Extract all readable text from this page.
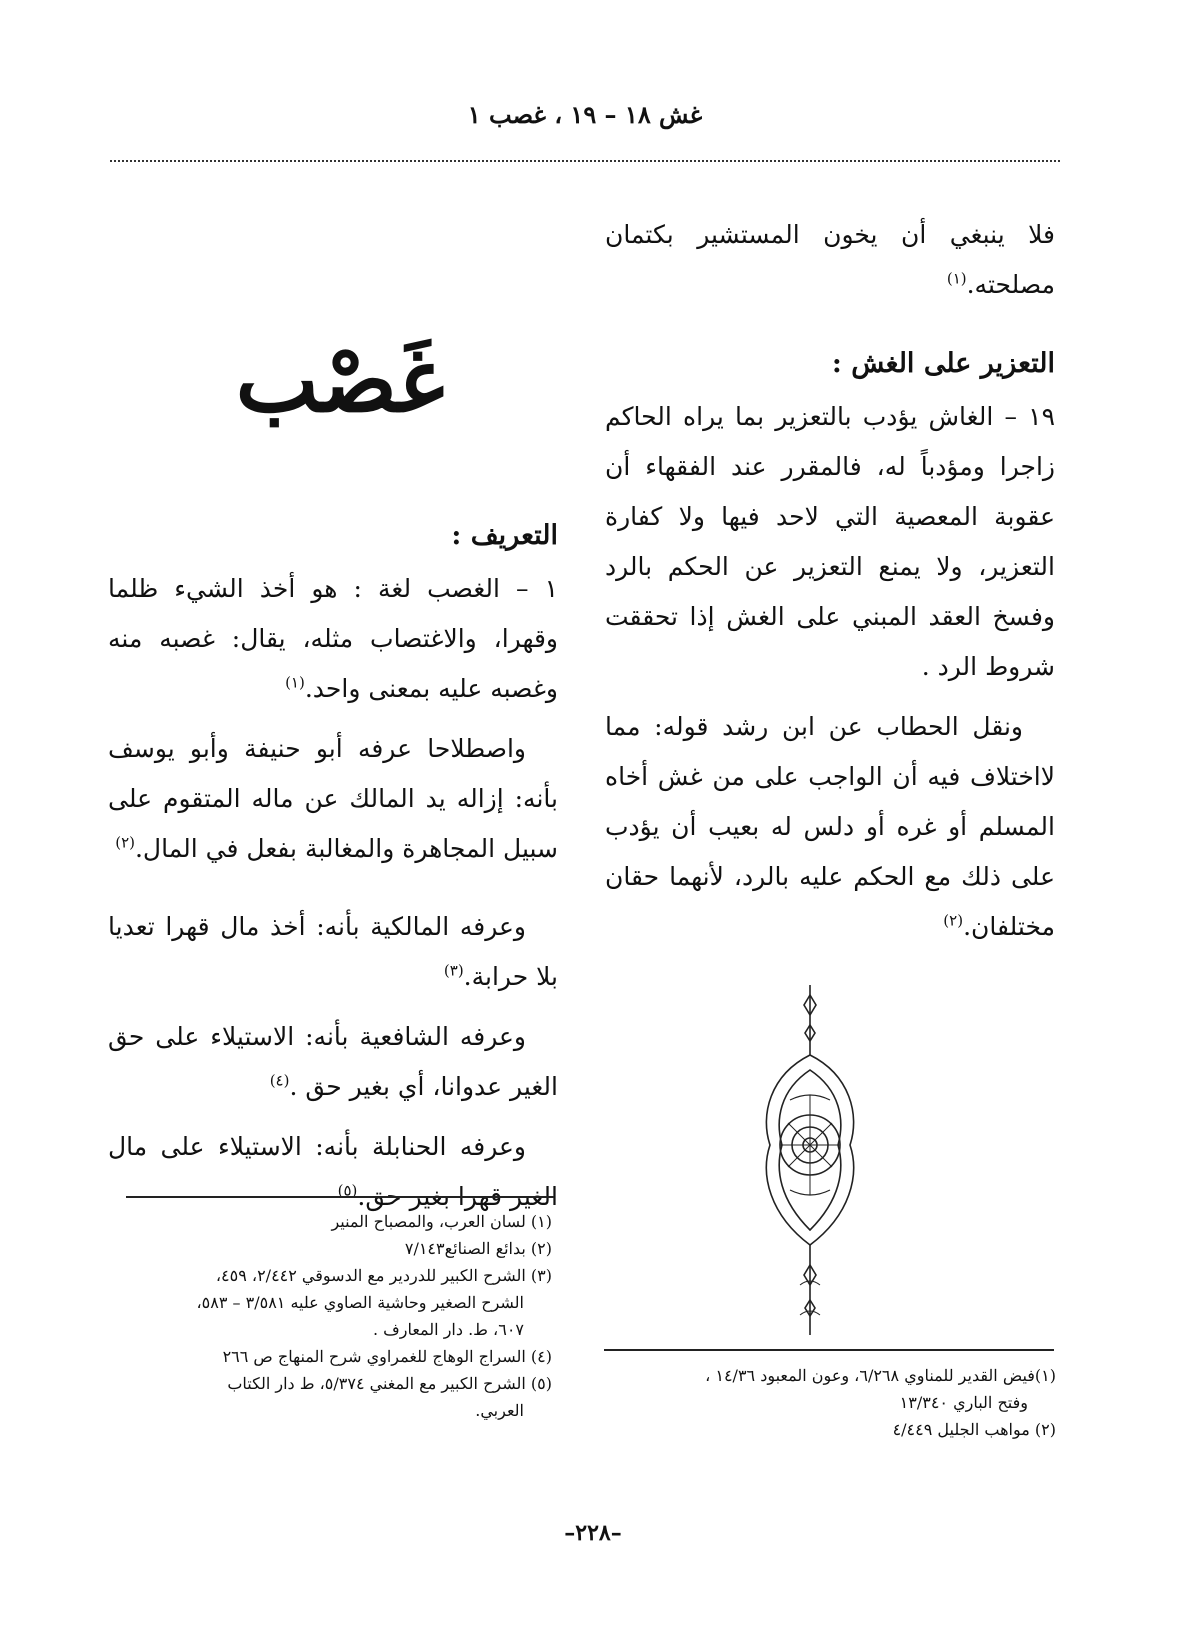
غش ١٨ – ١٩ ، غصب ١

فلا ينبغي أن يخون المستشير بكتمان مصلحته.$^{(١)}$

التعزير على الغش :

١٩ – الغاش يؤدب بالتعزير بما يراه الحاكم زاجرا ومؤدباً له، فالمقرر عند الفقهاء أن عقوبة المعصية التي لاحد فيها ولا كفارة التعزير، ولا يمنع التعزير عن الحكم بالرد وفسخ العقد المبني على الغش إذا تحققت شروط الرد .

ونقل الحطاب عن ابن رشد قوله: مما لااختلاف فيه أن الواجب على من غش أخاه المسلم أو غره أو دلس له بعيب أن يؤدب على ذلك مع الحكم عليه بالرد، لأنهما حقان مختلفان.$^{(٢)}$

غَصْب
التعريف :

١ – الغصب لغة : هو أخذ الشيء ظلما وقهرا، والاغتصاب مثله، يقال: غصبه منه وغصبه عليه بمعنى واحد.$^{(١)}$

واصطلاحا عرفه أبو حنيفة وأبو يوسف بأنه: إزاله يد المالك عن ماله المتقوم على سبيل المجاهرة والمغالبة بفعل في المال.$^{(٢)}$

وعرفه المالكية بأنه: أخذ مال قهرا تعديا بلا حرابة.$^{(٣)}$

وعرفه الشافعية بأنه: الاستيلاء على حق الغير عدوانا، أي بغير حق .$^{(٤)}$

وعرفه الحنابلة بأنه: الاستيلاء على مال الغير قهرا بغير حق.$^{(٥)}$

(١) لسان العرب، والمصباح المنير
(٢) بدائع الصنائع٧/١٤٣
(٣) الشرح الكبير للدردير مع الدسوقي ٢/٤٤٢، ٤٥٩،
الشرح الصغير وحاشية الصاوي عليه ٣/٥٨١ – ٥٨٣،
٦٠٧، ط. دار المعارف .
(٤) السراج الوهاج للغمراوي شرح المنهاج ص ٢٦٦
(٥) الشرح الكبير مع المغني ٥/٣٧٤، ط دار الكتاب
العربي.
(١)فيض القدير للمناوي ٦/٢٦٨، وعون المعبود ١٤/٣٦ ،
وفتح الباري ١٣/٣٤٠
(٢) مواهب الجليل ٤/٤٤٩
–٢٢٨–
